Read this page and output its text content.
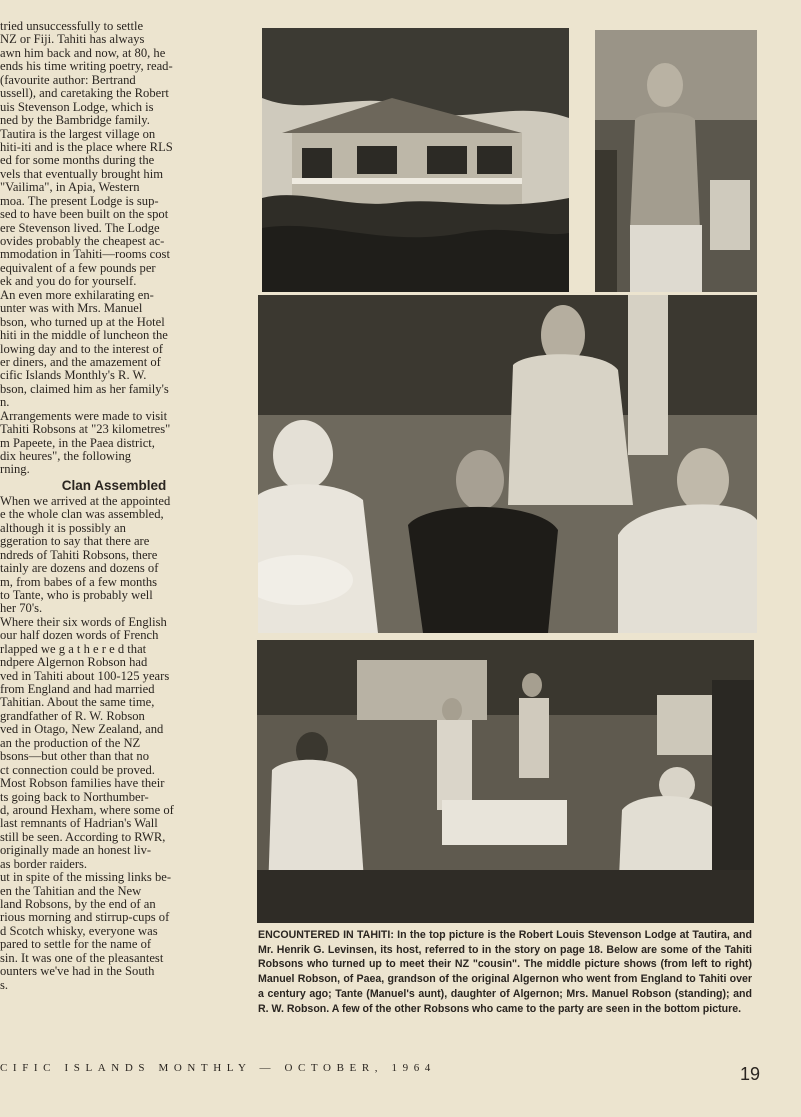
tried unsuccessfully to settle
NZ or Fiji. Tahiti has always
awn him back and now, at 80, he
ends his time writing poetry, read-
(favourite author: Bertrand
ussell), and caretaking the Robert
uis Stevenson Lodge, which is
ned by the Bambridge family.
Tautira is the largest village on
hiti-iti and is the place where RLS
ed for some months during the
vels that eventually brought him
"Vailima", in Apia, Western
moa. The present Lodge is sup-
sed to have been built on the spot
ere Stevenson lived. The Lodge
ovides probably the cheapest ac-
mmodation in Tahiti—rooms cost
equivalent of a few pounds per
ek and you do for yourself.
An even more exhilarating en-
unter was with Mrs. Manuel
bson, who turned up at the Hotel
hiti in the middle of luncheon the
lowing day and to the interest of
er diners, and the amazement of
cific Islands Monthly's R. W.
bson, claimed him as her family's
n.
Arrangements were made to visit
Tahiti Robsons at "23 kilometres"
m Papeete, in the Paea district,
dix heures", the following
rning.
Clan Assembled
When we arrived at the appointed
e the whole clan was assembled,
although it is possibly an
ggeration to say that there are
ndreds of Tahiti Robsons, there
tainly are dozens and dozens of
m, from babes of a few months
to Tante, who is probably well
her 70's.
Where their six words of English
our half dozen words of French
rlapped we g a t h e r e d that
ndpere Algernon Robson had
ved in Tahiti about 100-125 years
from England and had married
Tahitian. About the same time,
grandfather of R. W. Robson
ved in Otago, New Zealand, and
an the production of the NZ
bsons—but other than that no
ct connection could be proved.
Most Robson families have their
ts going back to Northumber-
d, around Hexham, where some of
last remnants of Hadrian's Wall
still be seen. According to RWR,
originally made an honest liv-
as border raiders.
ut in spite of the missing links be-
en the Tahitian and the New
land Robsons, by the end of an
rious morning and stirrup-cups of
d Scotch whisky, everyone was
pared to settle for the name of
sin. It was one of the pleasantest
ounters we've had in the South
s.
ENCOUNTERED IN TAHITI: In the top picture is the Robert Louis Stevenson Lodge at Tautira, and Mr. Henrik G. Levinsen, its host, referred to in the story on page 18. Below are some of the Tahiti Robsons who turned up to meet their NZ "cousin". The middle picture shows (from left to right) Manuel Robson, of Paea, grandson of the original Algernon who went from England to Tahiti over a century ago; Tante (Manuel's aunt), daughter of Algernon; Mrs. Manuel Robson (standing); and R. W. Robson. A few of the other Robsons who came to the party are seen in the bottom picture.
CIFIC ISLANDS MONTHLY — OCTOBER, 1964	19
